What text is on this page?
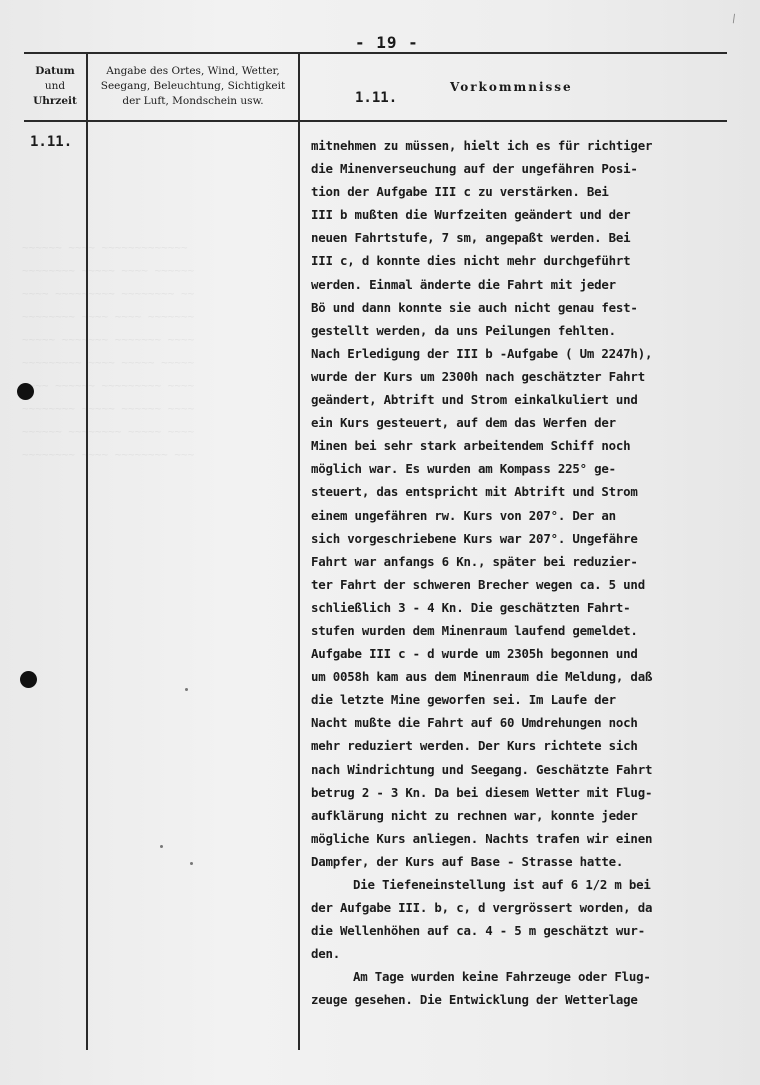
~~~~~~ ~~~~ ~~~~~~~~~~~~~
~~~~~~~~ ~~~~~ ~~~~ ~~~~~~
~~~~ ~~~~~~~~~ ~~~~~~~~ ~~
~~~~~~~~ ~~~~ ~~~~ ~~~~~~~
~~~~~ ~~~~~~~ ~~~~~~~ ~~~~
~~~~~~~~~ ~~~~ ~~~~~ ~~~~~
~~~~ ~~~~~~ ~~~~~~~~~ ~~~~
~~~~~~~~ ~~~~~ ~~~~~~ ~~~~
~~~~~~ ~~~~~~~~ ~~~~~ ~~~~
~~~~~~~~ ~~~~ ~~~~~~~~ ~~~
\
- 19 -
Datum
und
Uhrzeit
Angabe des Ortes, Wind, Wetter,
Seegang, Beleuchtung, Sichtigkeit
der Luft, Mondschein usw.	1.11.
Vorkommnisse
1.11.	mitnehmen zu müssen, hielt ich es für richtiger
die Minenverseuchung auf der ungefähren Posi-
tion der Aufgabe III c zu verstärken. Bei
III b mußten die Wurfzeiten geändert und der
neuen Fahrtstufe, 7 sm, angepaßt werden. Bei
III c, d konnte dies nicht mehr durchgeführt
werden. Einmal änderte die Fahrt mit jeder
Bö und dann konnte sie auch nicht genau fest-
gestellt werden, da uns Peilungen fehlten.
Nach Erledigung der III b -Aufgabe ( Um 2247h),
wurde der Kurs um 2300h nach geschätzter Fahrt
geändert, Abtrift und Strom einkalkuliert und
ein Kurs gesteuert, auf dem das Werfen der
Minen bei sehr stark arbeitendem Schiff noch
möglich war. Es wurden am Kompass 225° ge-
steuert, das entspricht mit Abtrift und Strom
einem ungefähren rw. Kurs von 207°. Der an
sich vorgeschriebene Kurs war 207°. Ungefähre
Fahrt war anfangs 6 Kn., später bei reduzier-
ter Fahrt der schweren Brecher wegen ca. 5 und
schließlich 3 - 4 Kn. Die geschätzten Fahrt-
stufen wurden dem Minenraum laufend gemeldet.
Aufgabe III c - d wurde um 2305h begonnen und
um 0058h kam aus dem Minenraum die Meldung, daß
die letzte Mine geworfen sei. Im Laufe der
Nacht mußte die Fahrt auf 60 Umdrehungen noch
mehr reduziert werden. Der Kurs richtete sich
nach Windrichtung und Seegang. Geschätzte Fahrt
betrug 2 - 3 Kn. Da bei diesem Wetter mit Flug-
aufklärung nicht zu rechnen war, konnte jeder
mögliche Kurs anliegen. Nachts trafen wir einen
Dampfer, der Kurs auf Base - Strasse hatte.
Die Tiefeneinstellung ist auf 6 1/2 m bei
der Aufgabe III. b, c, d vergrössert worden, da
die Wellenhöhen auf ca. 4 - 5 m geschätzt wur-
den.
Am Tage wurden keine Fahrzeuge oder Flug-
zeuge gesehen. Die Entwicklung der Wetterlage
